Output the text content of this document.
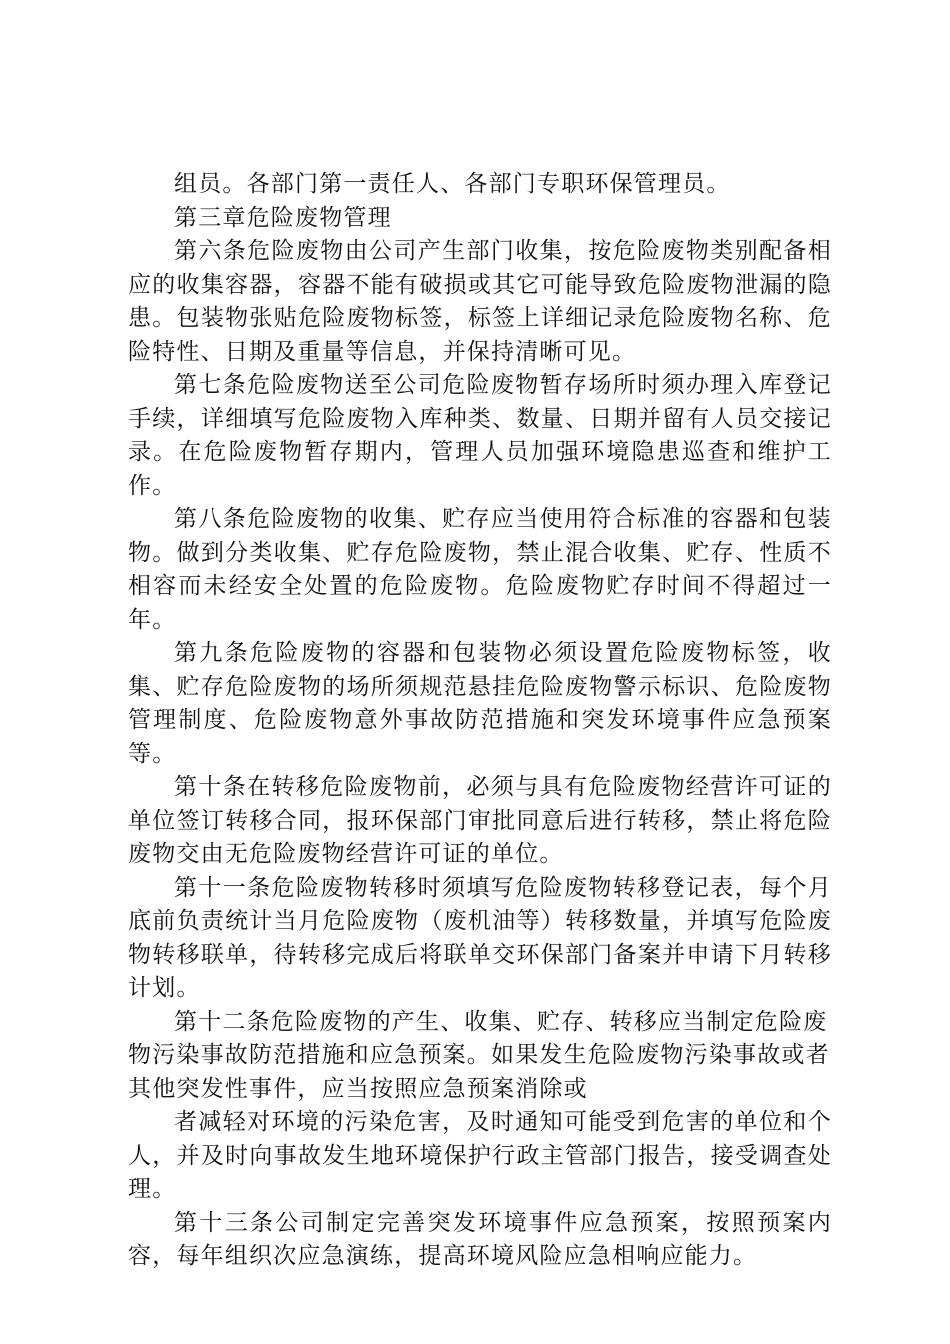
组员。各部门第一责任人、各部门专职环保管理员。

第三章危险废物管理

第六条危险废物由公司产生部门收集，按危险废物类别配备相应的收集容器，容器不能有破损或其它可能导致危险废物泄漏的隐患。包装物张贴危险废物标签，标签上详细记录危险废物名称、危险特性、日期及重量等信息，并保持清晰可见。

第七条危险废物送至公司危险废物暂存场所时须办理入库登记手续，详细填写危险废物入库种类、数量、日期并留有人员交接记录。在危险废物暂存期内，管理人员加强环境隐患巡查和维护工作。

第八条危险废物的收集、贮存应当使用符合标准的容器和包装物。做到分类收集、贮存危险废物，禁止混合收集、贮存、性质不相容而未经安全处置的危险废物。危险废物贮存时间不得超过一年。

第九条危险废物的容器和包装物必须设置危险废物标签，收集、贮存危险废物的场所须规范悬挂危险废物警示标识、危险废物管理制度、危险废物意外事故防范措施和突发环境事件应急预案等。

第十条在转移危险废物前，必须与具有危险废物经营许可证的单位签订转移合同，报环保部门审批同意后进行转移，禁止将危险废物交由无危险废物经营许可证的单位。

第十一条危险废物转移时须填写危险废物转移登记表，每个月底前负责统计当月危险废物（废机油等）转移数量，并填写危险废物转移联单，待转移完成后将联单交环保部门备案并申请下月转移计划。

第十二条危险废物的产生、收集、贮存、转移应当制定危险废物污染事故防范措施和应急预案。如果发生危险废物污染事故或者其他突发性事件，应当按照应急预案消除或

者减轻对环境的污染危害，及时通知可能受到危害的单位和个人，并及时向事故发生地环境保护行政主管部门报告，接受调查处理。

第十三条公司制定完善突发环境事件应急预案，按照预案内容，每年组织次应急演练，提高环境风险应急相响应能力。
